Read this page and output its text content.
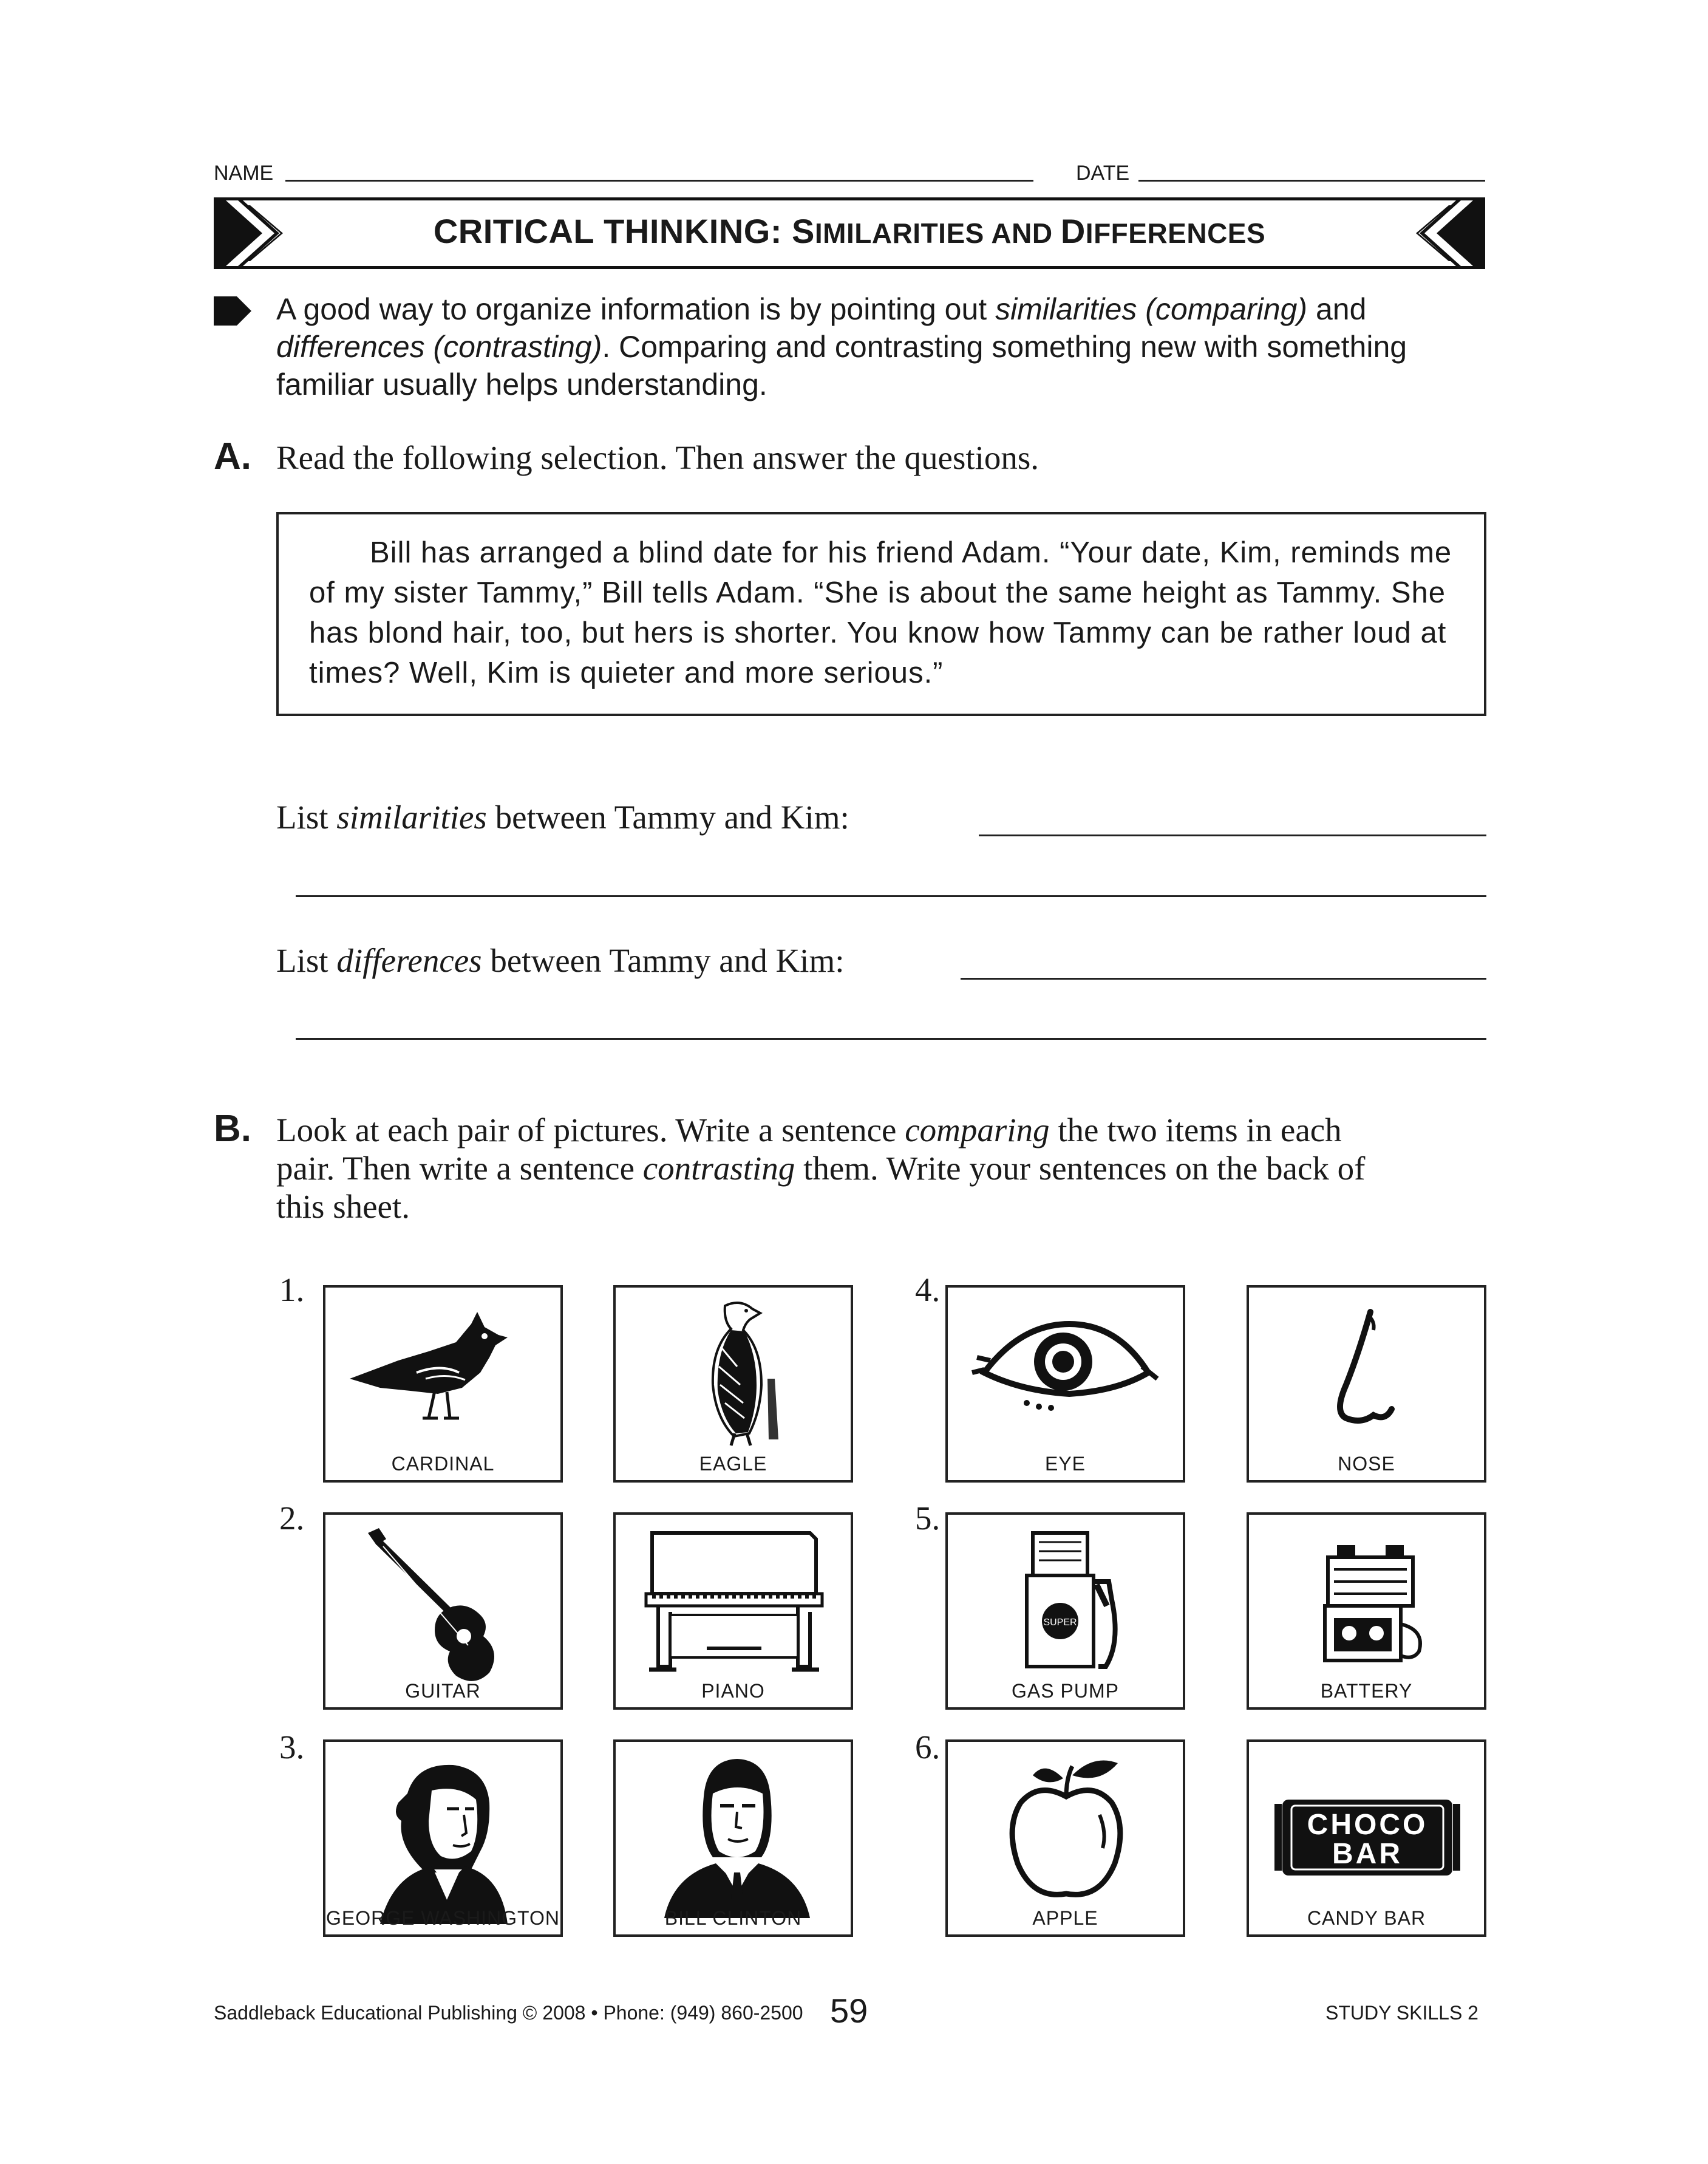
NAME	DATE
CRITICAL THINKING: SIMILARITIES AND DIFFERENCES
A good way to organize information is by pointing out similarities (comparing) and differences (contrasting). Comparing and contrasting something new with something familiar usually helps understanding.
A. Read the following selection. Then answer the questions.
Bill has arranged a blind date for his friend Adam. “Your date, Kim, reminds me of my sister Tammy,” Bill tells Adam. “She is about the same height as Tammy. She has blond hair, too, but hers is shorter. You know how Tammy can be rather loud at times? Well, Kim is quieter and more serious.”
List similarities between Tammy and Kim:
List differences between Tammy and Kim:
B. Look at each pair of pictures. Write a sentence comparing the two items in each pair. Then write a sentence contrasting them. Write your sentences on the back of this sheet.
1.
2.
3.
4.
5.
6.
CARDINAL	EAGLE	EYE	NOSE
GUITAR	PIANO
SUPER
GAS PUMP	BATTERY
GEORGE WASHINGTON	BILL CLINTON	APPLE
CHOCO
BAR
CANDY BAR
Saddleback Educational Publishing © 2008 • Phone: (949) 860-2500 59	STUDY SKILLS 2
